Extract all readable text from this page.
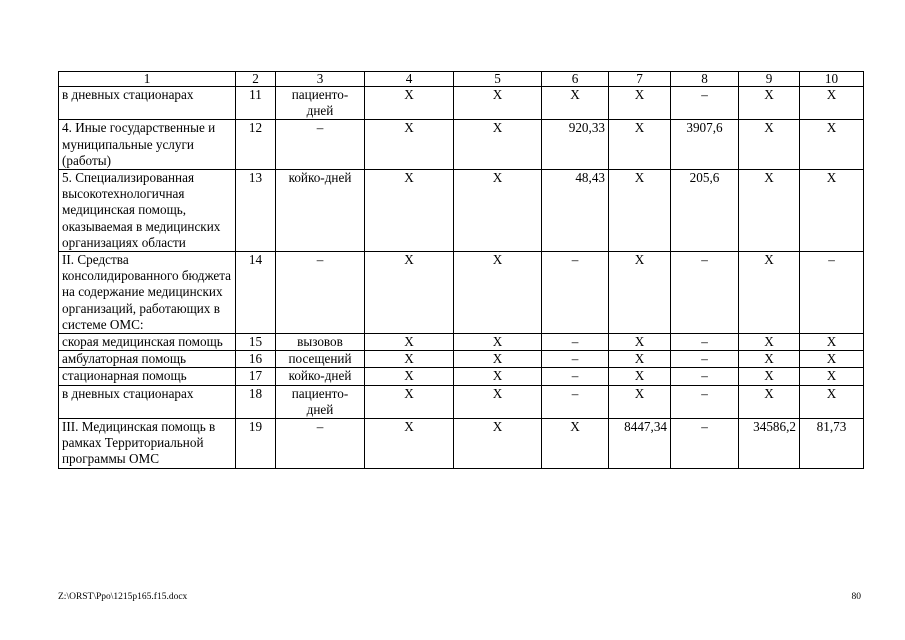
1	2	3	4	5	6	7	8	9	10
в дневных стационарах	11	пациенто-дней	Х	Х	Х	Х	–	Х	Х
4. Иные государственные и муниципальные услуги (работы)	12	–	Х	Х	920,33	Х	3907,6	Х	Х
5. Специализированная высокотехнологичная медицинская помощь, оказываемая в медицинских организациях области	13	койко-дней	Х	Х	48,43	Х	205,6	Х	Х
II. Средства консолидированного бюджета на содержание медицинских организаций, работающих в системе ОМС:	14	–	Х	Х	–	Х	–	Х	–
скорая медицинская помощь	15	вызовов	Х	Х	–	Х	–	Х	Х
амбулаторная помощь	16	посещений	Х	Х	–	Х	–	Х	Х
стационарная помощь	17	койко-дней	Х	Х	–	Х	–	Х	Х
в дневных стационарах	18	пациенто-дней	Х	Х	–	Х	–	Х	Х
III. Медицинская помощь в рамках Территориальной программы ОМС	19	–	Х	Х	Х	8447,34	–	34586,2	81,73
Z:\ORST\Ppo\1215p165.f15.docx	80
